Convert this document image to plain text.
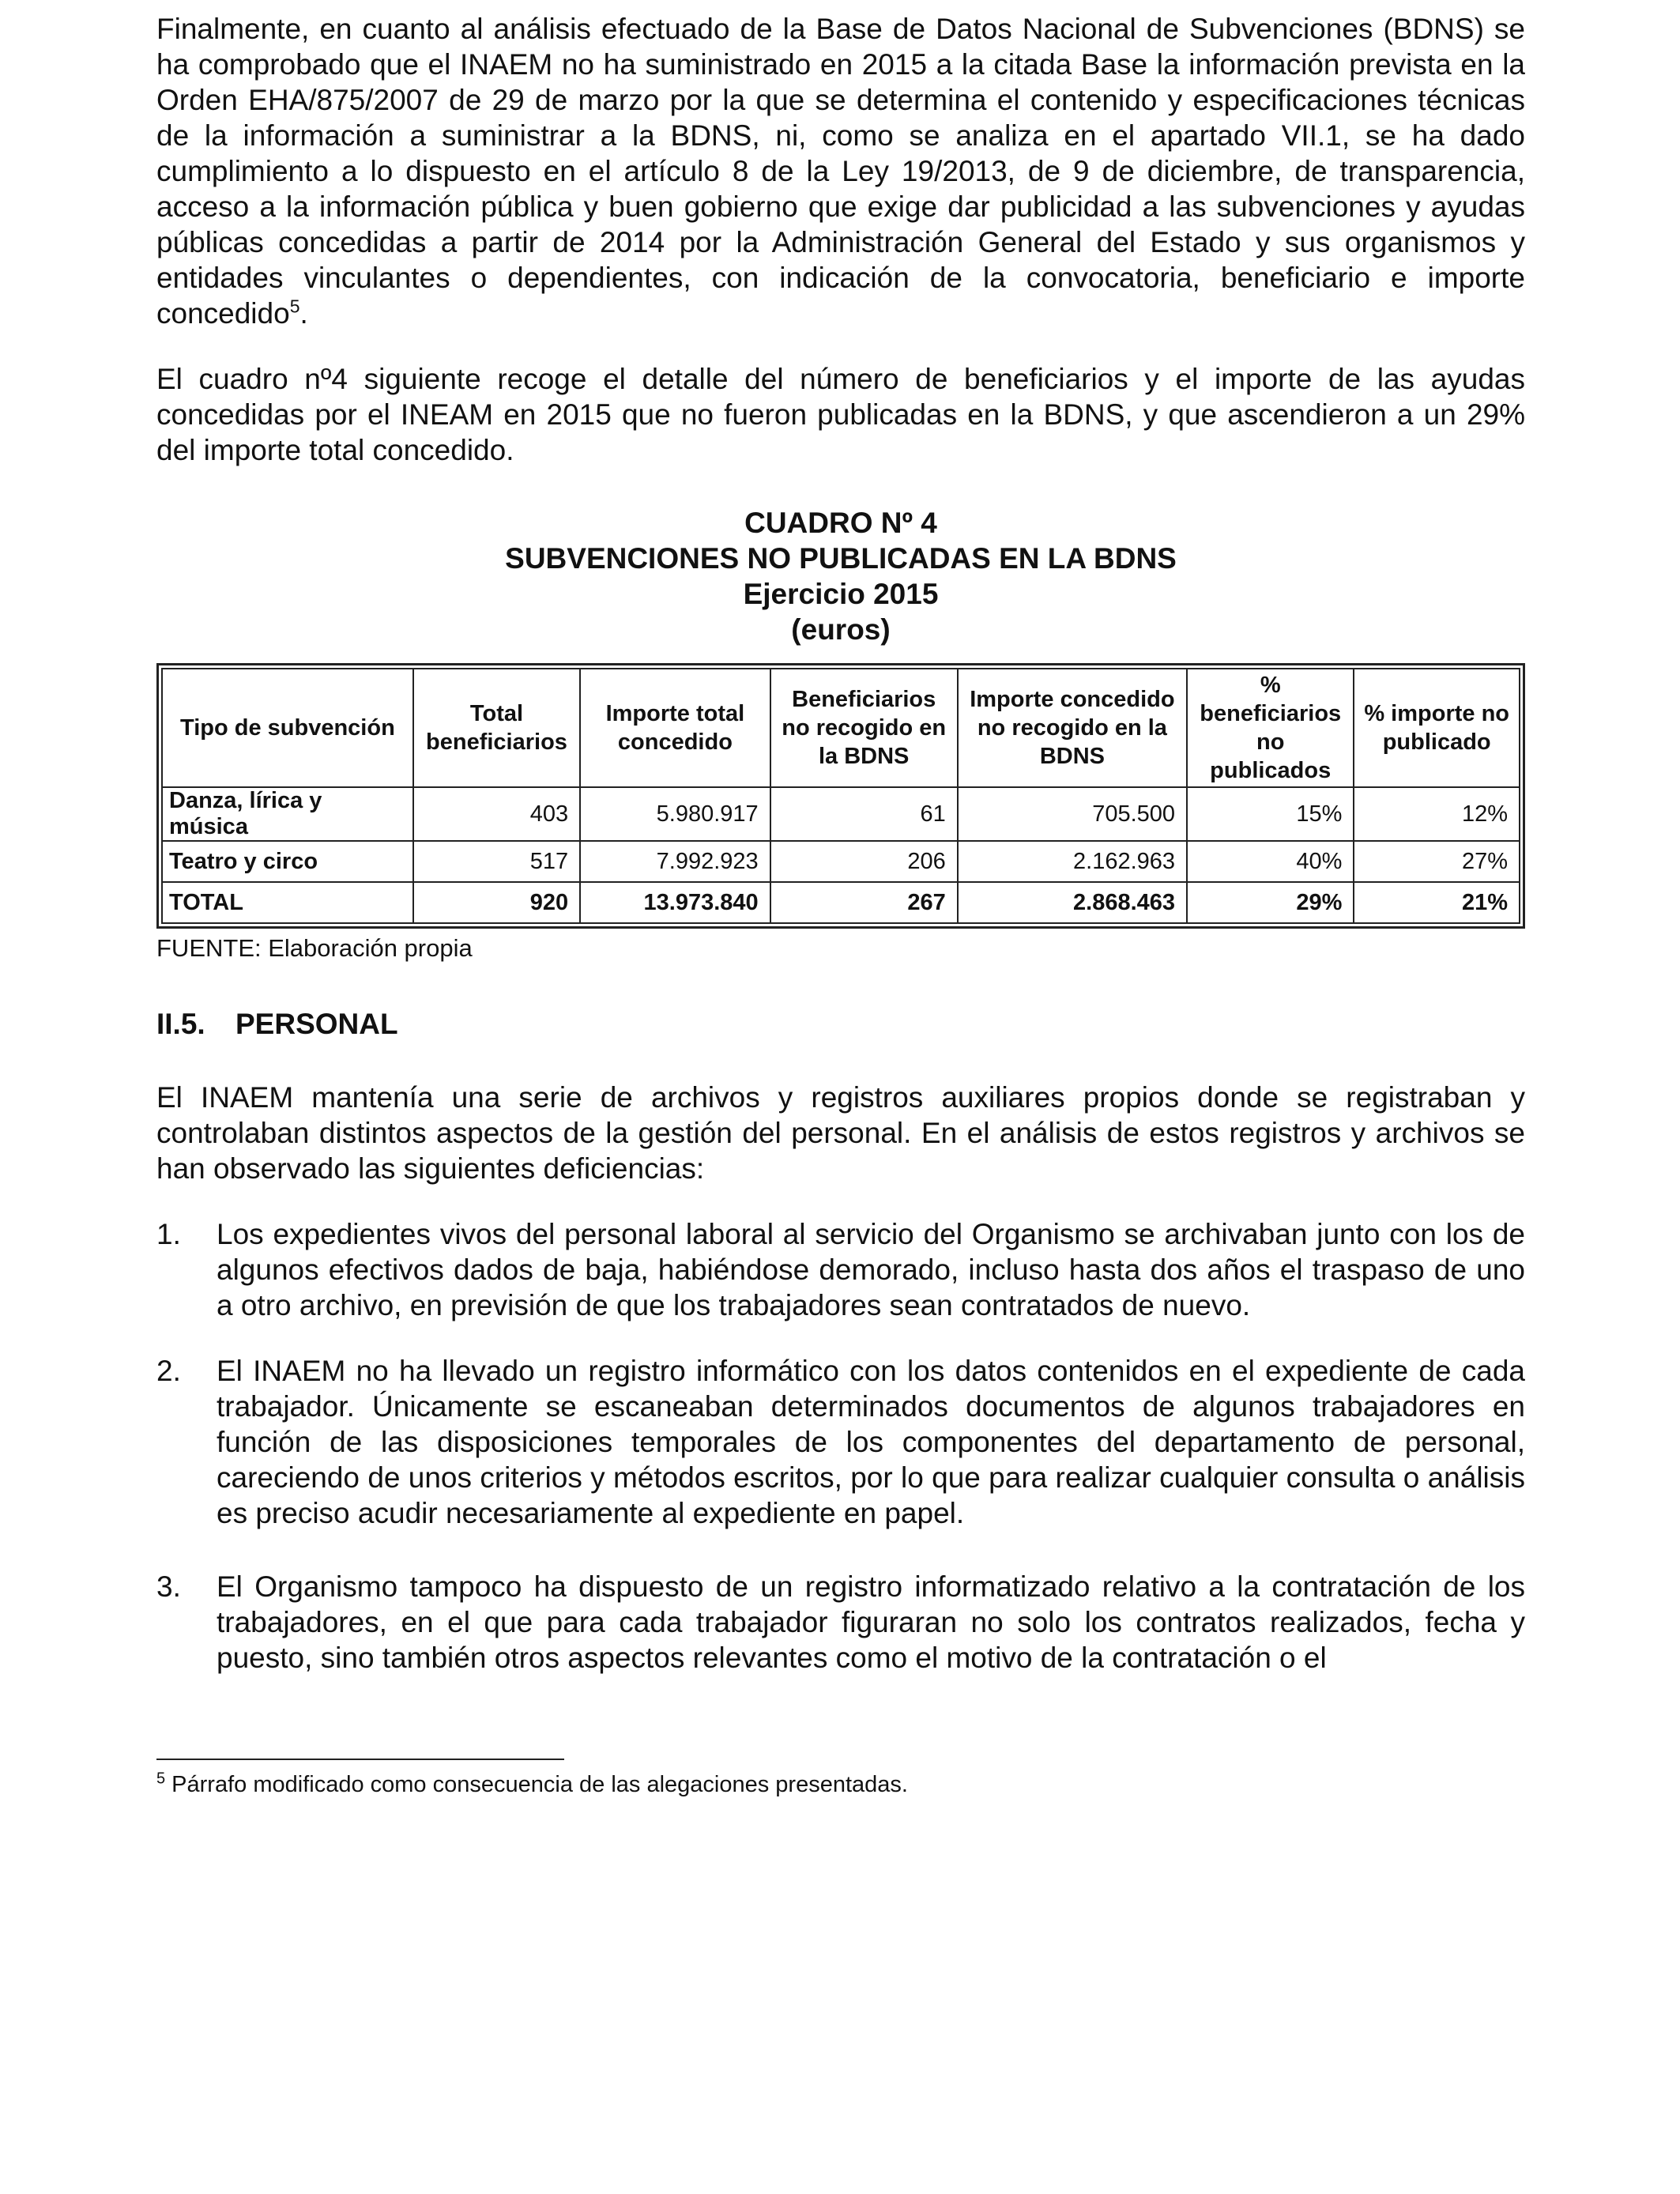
Finalmente, en cuanto al análisis efectuado de la Base de Datos Nacional de Subvenciones (BDNS) se ha comprobado que el INAEM no ha suministrado en 2015 a la citada Base la información prevista en la Orden EHA/875/2007 de 29 de marzo por la que se determina el contenido y especificaciones técnicas de la información a suministrar a la BDNS, ni, como se analiza en el apartado VII.1, se ha dado cumplimiento a lo dispuesto en el artículo 8 de la Ley 19/2013, de 9 de diciembre, de transparencia, acceso a la información pública y buen gobierno que exige dar publicidad a las subvenciones y ayudas públicas concedidas a partir de 2014 por la Administración General del Estado y sus organismos y entidades vinculantes o dependientes, con indicación de la convocatoria, beneficiario e importe concedido$^5$.

El cuadro nº4 siguiente recoge el detalle del número de beneficiarios y el importe de las ayudas concedidas por el INEAM en 2015 que no fueron publicadas en la BDNS, y que ascendieron a un 29% del importe total concedido.

CUADRO Nº 4
SUBVENCIONES NO PUBLICADAS EN LA BDNS
Ejercicio 2015
(euros)
Tipo de subvención	Total beneficiarios	Importe total concedido	Beneficiarios no recogido en la BDNS	Importe concedido no recogido en la BDNS	% beneficiarios no publicados	% importe no publicado
Danza, lírica y música	403	5.980.917	61	705.500	15%	12%
Teatro y circo	517	7.992.923	206	2.162.963	40%	27%
TOTAL	920	13.973.840	267	2.868.463	29%	21%
FUENTE: Elaboración propia
II.5.	PERSONAL

El INAEM mantenía una serie de archivos y registros auxiliares propios donde se registraban y controlaban distintos aspectos de la gestión del personal. En el análisis de estos registros y archivos se han observado las siguientes deficiencias:

1.	Los expedientes vivos del personal laboral al servicio del Organismo se archivaban junto con los de algunos efectivos dados de baja, habiéndose demorado, incluso hasta dos años el traspaso de uno a otro archivo, en previsión de que los trabajadores sean contratados de nuevo.

2.	El INAEM no ha llevado un registro informático con los datos contenidos en el expediente de cada trabajador. Únicamente se escaneaban determinados documentos de algunos trabajadores en función de las disposiciones temporales de los componentes del departamento de personal, careciendo de unos criterios y métodos escritos, por lo que para realizar cualquier consulta o análisis es preciso acudir necesariamente al expediente en papel.

3.	El Organismo tampoco ha dispuesto de un registro informatizado relativo a la contratación de los trabajadores, en el que para cada trabajador figuraran no solo los contratos realizados, fecha y puesto, sino también otros aspectos relevantes como el motivo de la contratación o el

$^5$ Párrafo modificado como consecuencia de las alegaciones presentadas.
